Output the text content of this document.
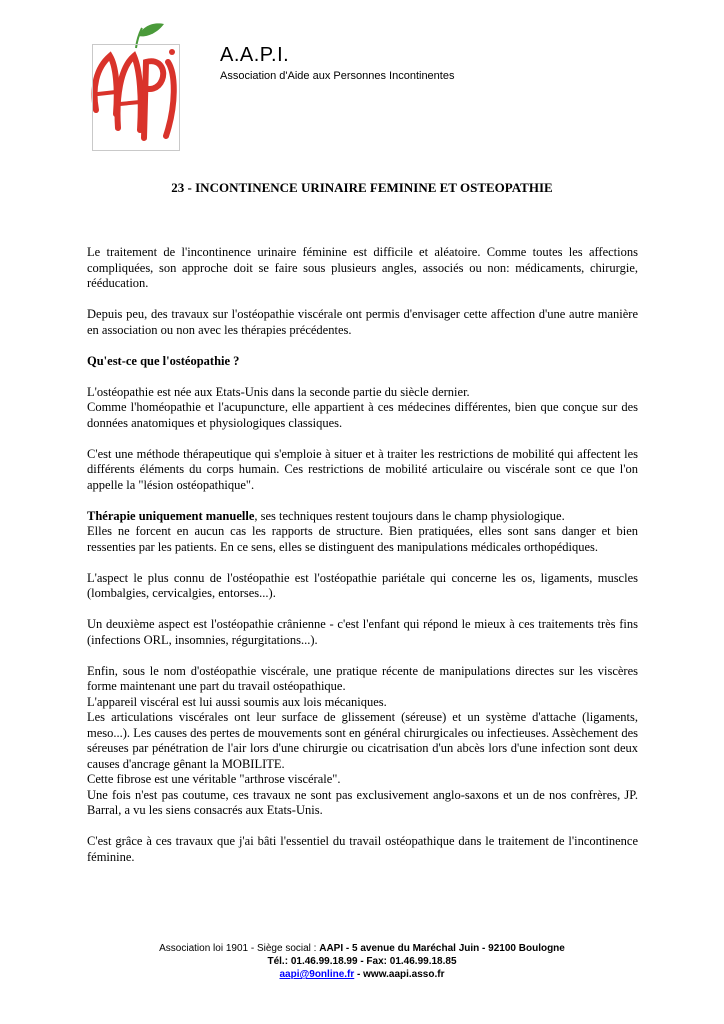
A.A.P.I.
Association d'Aide aux Personnes Incontinentes
23 - INCONTINENCE URINAIRE FEMININE ET OSTEOPATHIE

Le traitement de l'incontinence urinaire féminine est difficile et aléatoire. Comme toutes les affections compliquées, son approche doit se faire sous plusieurs angles, associés ou non: médicaments, chirurgie, rééducation.

Depuis peu, des travaux sur l'ostéopathie viscérale ont permis d'envisager cette affection d'une autre manière en association ou non avec les thérapies précédentes.

Qu'est-ce que l'ostéopathie ?

L'ostéopathie est née aux Etats-Unis dans la seconde partie du siècle dernier.
Comme l'homéopathie et l'acupuncture, elle appartient à ces médecines différentes, bien que conçue sur des données anatomiques et physiologiques classiques.

C'est une méthode thérapeutique qui s'emploie à situer et à traiter les restrictions de mobilité qui affectent les différents éléments du corps humain. Ces restrictions de mobilité articulaire ou viscérale sont ce que l'on appelle la "lésion ostéopathique".

Thérapie uniquement manuelle, ses techniques restent toujours dans le champ physiologique.
Elles ne forcent en aucun cas les rapports de structure. Bien pratiquées, elles sont sans danger et bien ressenties par les patients. En ce sens, elles se distinguent des manipulations médicales orthopédiques.

L'aspect le plus connu de l'ostéopathie est l'ostéopathie pariétale qui concerne les os, ligaments, muscles (lombalgies, cervicalgies, entorses...).

Un deuxième aspect est l'ostéopathie crânienne - c'est l'enfant qui répond le mieux à ces traitements très fins (infections ORL, insomnies, régurgitations...).

Enfin, sous le nom d'ostéopathie viscérale, une pratique récente de manipulations directes sur les viscères forme maintenant une part du travail ostéopathique.
L'appareil viscéral est lui aussi soumis aux lois mécaniques.
Les articulations viscérales ont leur surface de glissement (séreuse) et un système d'attache (ligaments, meso...). Les causes des pertes de mouvements sont en général chirurgicales ou infectieuses. Assèchement des séreuses par pénétration de l'air lors d'une chirurgie ou cicatrisation d'un abcès lors d'une infection sont deux causes d'ancrage gênant la MOBILITE.
Cette fibrose est une véritable "arthrose viscérale".
Une fois n'est pas coutume, ces travaux ne sont pas exclusivement anglo-saxons et un de nos confrères, JP. Barral, a vu les siens consacrés aux Etats-Unis.

C'est grâce à ces travaux que j'ai bâti l'essentiel du travail ostéopathique dans le traitement de l'incontinence féminine.

Association loi 1901 - Siège social : AAPI - 5 avenue du Maréchal Juin - 92100 Boulogne
Tél.: 01.46.99.18.99 - Fax: 01.46.99.18.85
aapi@9online.fr - www.aapi.asso.fr
